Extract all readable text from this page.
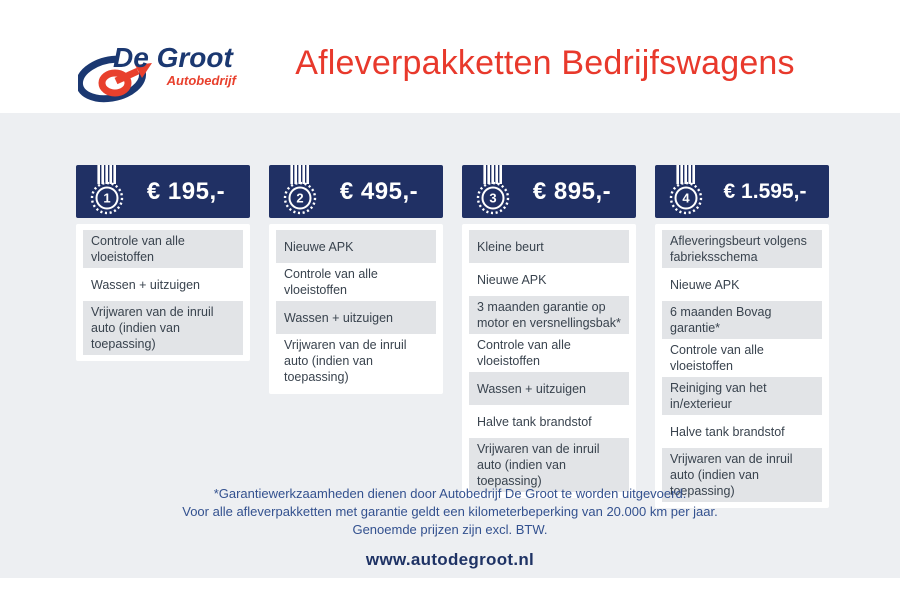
De Groot
Autobedrijf	Afleverpakketten Bedrijfswagens
1	€ 195,-
Controle van alle vloeistoffen
Wassen + uitzuigen
Vrijwaren van de inruil auto (indien van toepassing)
2	€ 495,-
Nieuwe APK
Controle van alle vloeistoffen
Wassen + uitzuigen
Vrijwaren van de inruil auto (indien van toepassing)
3	€ 895,-
Kleine beurt
Nieuwe APK
3 maanden garantie op motor en versnellingsbak*
Controle van alle vloeistoffen
Wassen + uitzuigen
Halve tank brandstof
Vrijwaren van de inruil auto (indien van toepassing)
4	€ 1.595,-
Afleveringsbeurt volgens fabrieksschema
Nieuwe APK
6 maanden Bovag garantie*
Controle van alle vloeistoffen
Reiniging van het in/exterieur
Halve tank brandstof
Vrijwaren van de inruil auto (indien van toepassing)

*Garantiewerkzaamheden dienen door Autobedrijf De Groot te worden uitgevoerd.

Voor alle afleverpakketten met garantie geldt een kilometerbeperking van 20.000 km per jaar.

Genoemde prijzen zijn excl. BTW.

www.autodegroot.nl
